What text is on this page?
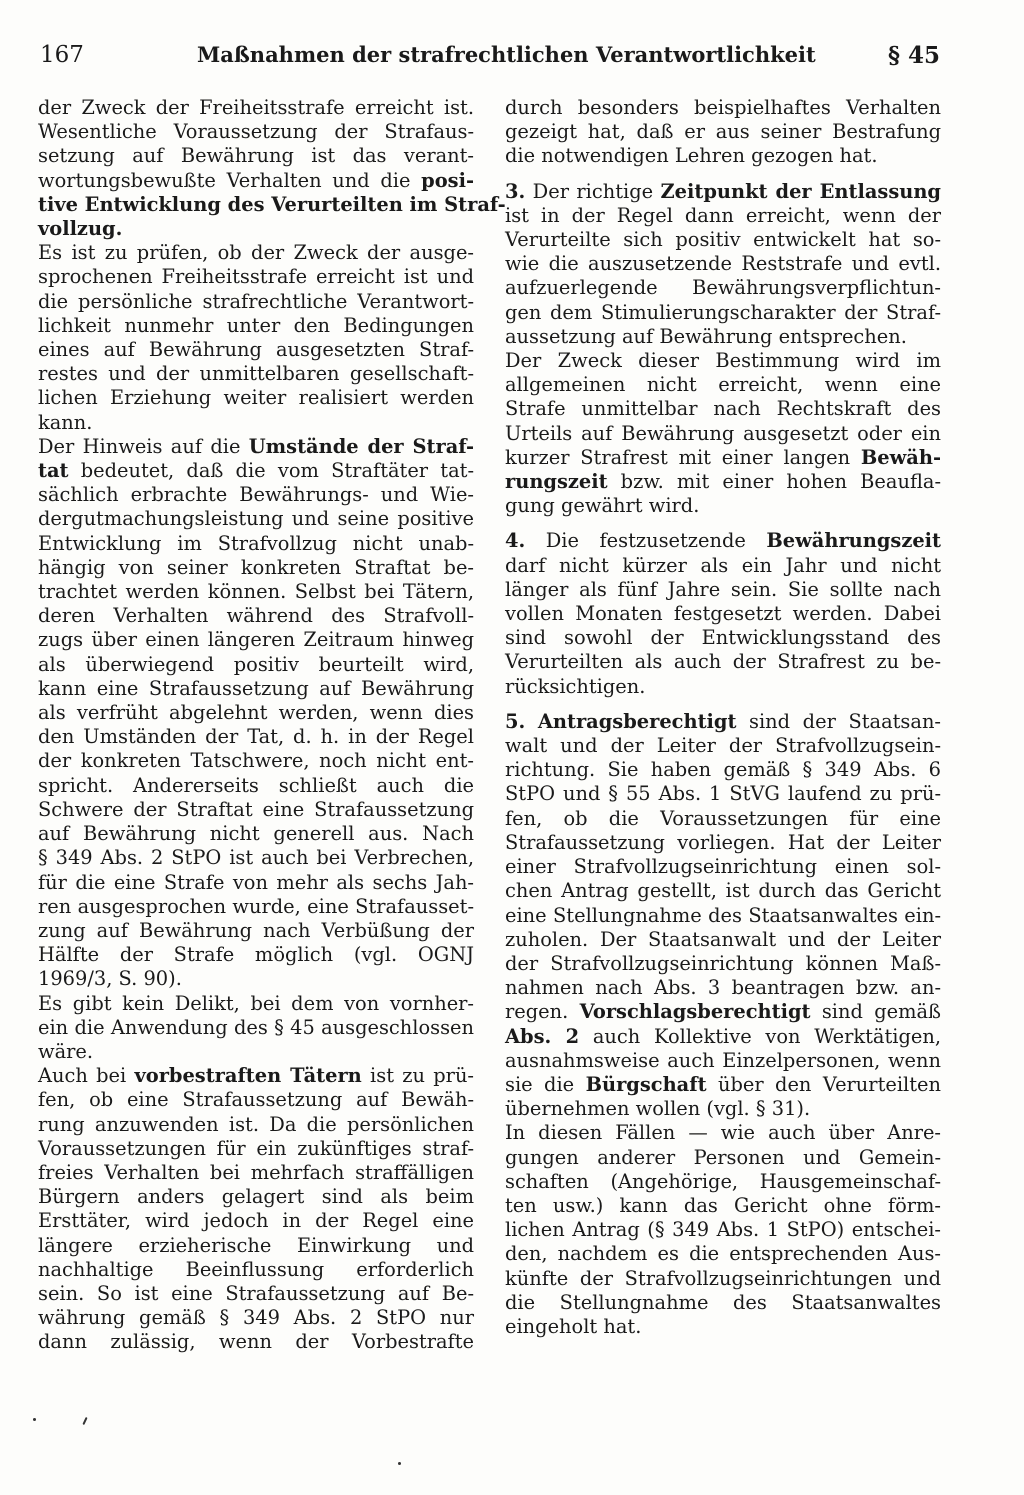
167	Maßnahmen der strafrechtlichen Verantwortlichkeit	§ 45

der Zweck der Freiheitsstrafe erreicht ist.
Wesentliche Voraussetzung der Strafaus-
setzung auf Bewährung ist das verant-
wortungsbewußte Verhalten und die posi-
tive Entwicklung des Verurteilten im Straf-
vollzug.

Es ist zu prüfen, ob der Zweck der ausge-
sprochenen Freiheitsstrafe erreicht ist und
die persönliche strafrechtliche Verantwort-
lichkeit nunmehr unter den Bedingungen
eines auf Bewährung ausgesetzten Straf-
restes und der unmittelbaren gesellschaft-
lichen Erziehung weiter realisiert werden
kann.

Der Hinweis auf die Umstände der Straf-
tat bedeutet, daß die vom Straftäter tat-
sächlich erbrachte Bewährungs- und Wie-
dergutmachungsleistung und seine positive
Entwicklung im Strafvollzug nicht unab-
hängig von seiner konkreten Straftat be-
trachtet werden können. Selbst bei Tätern,
deren Verhalten während des Strafvoll-
zugs über einen längeren Zeitraum hinweg
als überwiegend positiv beurteilt wird,
kann eine Strafaussetzung auf Bewährung
als verfrüht abgelehnt werden, wenn dies
den Umständen der Tat, d. h. in der Regel
der konkreten Tatschwere, noch nicht ent-
spricht. Andererseits schließt auch die
Schwere der Straftat eine Strafaussetzung
auf Bewährung nicht generell aus. Nach
§ 349 Abs. 2 StPO ist auch bei Verbrechen,
für die eine Strafe von mehr als sechs Jah-
ren ausgesprochen wurde, eine Strafausset-
zung auf Bewährung nach Verbüßung der
Hälfte der Strafe möglich (vgl. OGNJ
1969/3, S. 90).

Es gibt kein Delikt, bei dem von vornher-
ein die Anwendung des § 45 ausgeschlossen
wäre.

Auch bei vorbestraften Tätern ist zu prü-
fen, ob eine Strafaussetzung auf Bewäh-
rung anzuwenden ist. Da die persönlichen
Voraussetzungen für ein zukünftiges straf-
freies Verhalten bei mehrfach straffälligen
Bürgern anders gelagert sind als beim
Ersttäter, wird jedoch in der Regel eine
längere erzieherische Einwirkung und
nachhaltige Beeinflussung erforderlich
sein. So ist eine Strafaussetzung auf Be-
währung gemäß § 349 Abs. 2 StPO nur
dann zulässig, wenn der Vorbestrafte

durch besonders beispielhaftes Verhalten
gezeigt hat, daß er aus seiner Bestrafung
die notwendigen Lehren gezogen hat.

3. Der richtige Zeitpunkt der Entlassung
ist in der Regel dann erreicht, wenn der
Verurteilte sich positiv entwickelt hat so-
wie die auszusetzende Reststrafe und evtl.
aufzuerlegende Bewährungsverpflichtun-
gen dem Stimulierungscharakter der Straf-
aussetzung auf Bewährung entsprechen.

Der Zweck dieser Bestimmung wird im
allgemeinen nicht erreicht, wenn eine
Strafe unmittelbar nach Rechtskraft des
Urteils auf Bewährung ausgesetzt oder ein
kurzer Strafrest mit einer langen Bewäh-
rungszeit bzw. mit einer hohen Beaufla-
gung gewährt wird.

4. Die festzusetzende Bewährungszeit
darf nicht kürzer als ein Jahr und nicht
länger als fünf Jahre sein. Sie sollte nach
vollen Monaten festgesetzt werden. Dabei
sind sowohl der Entwicklungsstand des
Verurteilten als auch der Strafrest zu be-
rücksichtigen.

5. Antragsberechtigt sind der Staatsan-
walt und der Leiter der Strafvollzugsein-
richtung. Sie haben gemäß § 349 Abs. 6
StPO und § 55 Abs. 1 StVG laufend zu prü-
fen, ob die Voraussetzungen für eine
Strafaussetzung vorliegen. Hat der Leiter
einer Strafvollzugseinrichtung einen sol-
chen Antrag gestellt, ist durch das Gericht
eine Stellungnahme des Staatsanwaltes ein-
zuholen. Der Staatsanwalt und der Leiter
der Strafvollzugseinrichtung können Maß-
nahmen nach Abs. 3 beantragen bzw. an-
regen. Vorschlagsberechtigt sind gemäß
Abs. 2 auch Kollektive von Werktätigen,
ausnahmsweise auch Einzelpersonen, wenn
sie die Bürgschaft über den Verurteilten
übernehmen wollen (vgl. § 31).

In diesen Fällen — wie auch über Anre-
gungen anderer Personen und Gemein-
schaften (Angehörige, Hausgemeinschaf-
ten usw.) kann das Gericht ohne förm-
lichen Antrag (§ 349 Abs. 1 StPO) entschei-
den, nachdem es die entsprechenden Aus-
künfte der Strafvollzugseinrichtungen und
die Stellungnahme des Staatsanwaltes
eingeholt hat.
